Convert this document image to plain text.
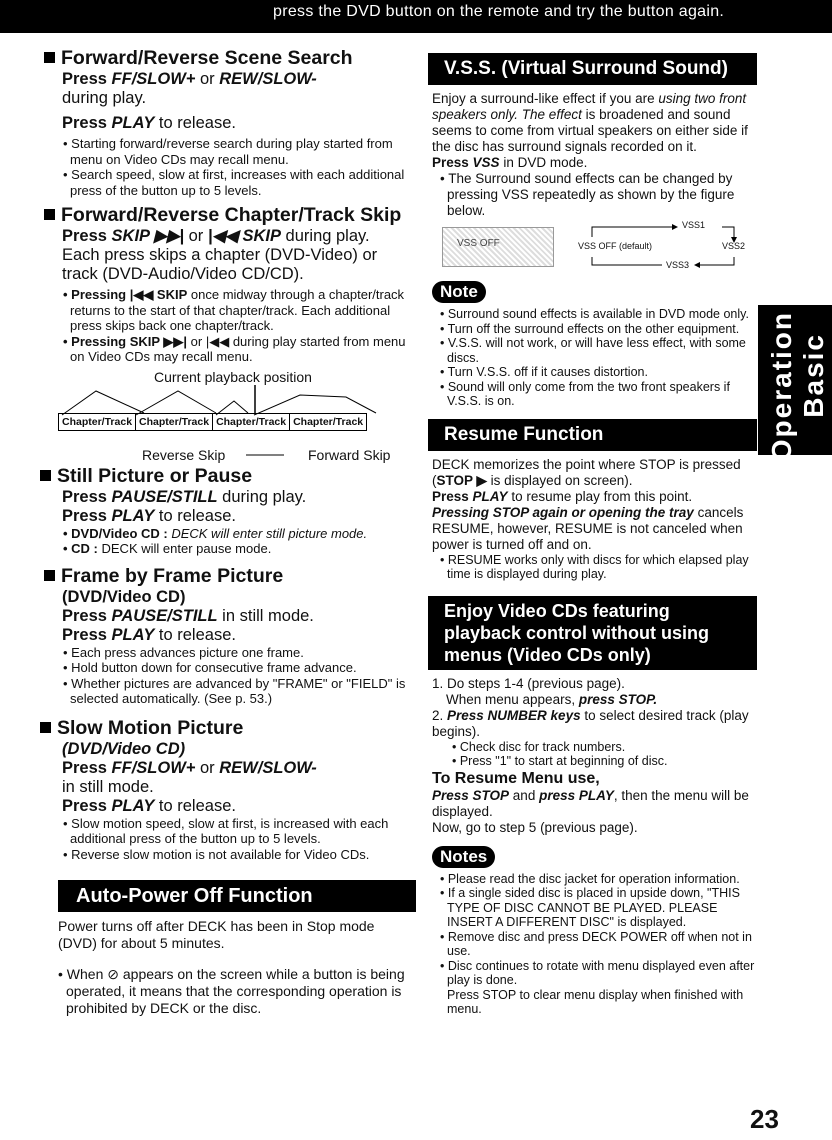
press the DVD button on the remote and try the button again.
Forward/Reverse Scene Search
Press FF/SLOW+ or REW/SLOW-
during play.
Press PLAY to release.
• Starting forward/reverse search during play started from menu on Video CDs may recall menu.
• Search speed, slow at first, increases with each additional press of the button up to 5 levels.
Forward/Reverse Chapter/Track Skip
Press SKIP ▶▶| or |◀◀ SKIP during play.
Each press skips a chapter (DVD-Video) or track (DVD-Audio/Video CD/CD).
• Pressing |◀◀ SKIP once midway through a chapter/track returns to the start of that chapter/track. Each additional press skips back one chapter/track.
• Pressing SKIP ▶▶| or |◀◀ during play started from menu on Video CDs may recall menu.
Current playback position
Chapter/Track Chapter/Track Chapter/Track Chapter/Track
Reverse Skip	Forward Skip
Still Picture or Pause
Press PAUSE/STILL during play.
Press PLAY to release.
• DVD/Video CD : DECK will enter still picture mode.
• CD : DECK will enter pause mode.
Frame by Frame Picture
(DVD/Video CD)
Press PAUSE/STILL in still mode.
Press PLAY to release.
• Each press advances picture one frame.
• Hold button down for consecutive frame advance.
• Whether pictures are advanced by "FRAME" or "FIELD" is selected automatically. (See p. 53.)
Slow Motion Picture
(DVD/Video CD)
Press FF/SLOW+ or REW/SLOW-
in still mode.
Press PLAY to release.
• Slow motion speed, slow at first, is increased with each additional press of the button up to 5 levels.
• Reverse slow motion is not available for Video CDs.
Auto-Power Off Function
Power turns off after DECK has been in Stop mode (DVD) for about 5 minutes.
• When ⊘ appears on the screen while a button is being operated, it means that the corresponding operation is prohibited by DECK or the disc.
V.S.S. (Virtual Surround Sound)
Enjoy a surround-like effect if you are using two front speakers only. The effect is broadened and sound seems to come from virtual speakers on either side if the disc has surround signals recorded on it.
Press VSS in DVD mode.
• The Surround sound effects can be changed by pressing VSS repeatedly as shown by the figure below.
VSS OFF
VSS1
VSS OFF (default)	VSS2
VSS3
Note
• Surround sound effects is available in DVD mode only.
• Turn off the surround effects on the other equipment.
• V.S.S. will not work, or will have less effect, with some discs.
• Turn V.S.S. off if it causes distortion.
• Sound will only come from the two front speakers if V.S.S. is on.
Resume Function
DECK memorizes the point where STOP is pressed (STOP ▶ is displayed on screen).
Press PLAY to resume play from this point.
Pressing STOP again or opening the tray cancels RESUME, however, RESUME is not canceled when power is turned off and on.
• RESUME works only with discs for which elapsed play time is displayed during play.
Enjoy Video CDs featuring playback control without using menus (Video CDs only)
1. Do steps 1-4 (previous page).
When menu appears, press STOP.
2. Press NUMBER keys to select desired track (play begins).
• Check disc for track numbers.
• Press "1" to start at beginning of disc.
To Resume Menu use,
Press STOP and press PLAY, then the menu will be displayed.
Now, go to step 5 (previous page).
Notes
• Please read the disc jacket for operation information.
• If a single sided disc is placed in upside down, "THIS TYPE OF DISC CANNOT BE PLAYED. PLEASE INSERT A DIFFERENT DISC" is displayed.
• Remove disc and press DECK POWER off when not in use.
• Disc continues to rotate with menu displayed even after play is done.
Press STOP to clear menu display when finished with menu.
Operation Basic
23
